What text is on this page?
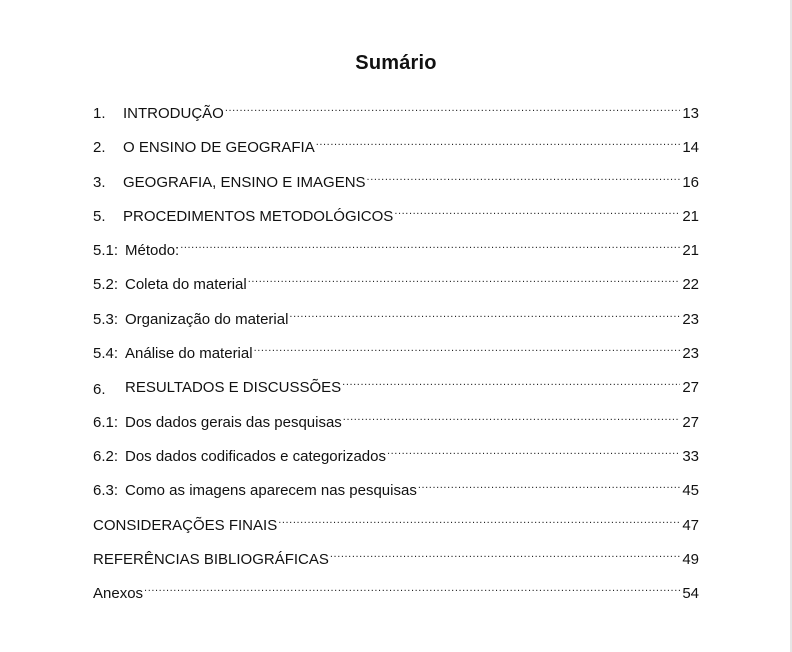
Sumário
1.	INTRODUÇÃO .....	13
2.	O ENSINO DE GEOGRAFIA .....	14
3.	GEOGRAFIA, ENSINO E IMAGENS .....	16
5.	PROCEDIMENTOS METODOLÓGICOS .....	21
5.1: Método: .....	21
5.2: Coleta do material .....	22
5.3: Organização do material .....	23
5.4: Análise do material .....	23
6.	RESULTADOS E DISCUSSÕES .....	27
6.1: Dos dados gerais das pesquisas .....	27
6.2: Dos dados codificados e categorizados .....	33
6.3: Como as imagens aparecem nas pesquisas .....	45
CONSIDERAÇÕES FINAIS .....	47
REFERÊNCIAS BIBLIOGRÁFICAS .....	49
Anexos .....	54
